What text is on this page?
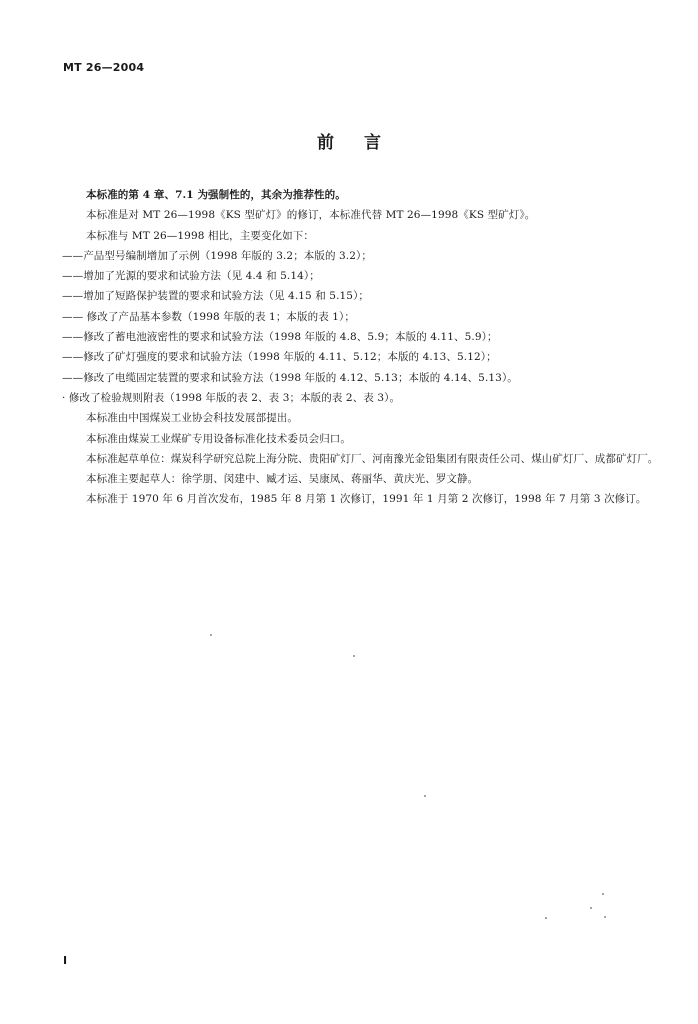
MT 26—2004
前言
本标准的第 4 章、7.1 为强制性的，其余为推荐性的。
本标准是对 MT 26—1998《KS 型矿灯》的修订，本标准代替 MT 26—1998《KS 型矿灯》。
本标准与 MT 26—1998 相比，主要变化如下：
——产品型号编制增加了示例（1998 年版的 3.2；本版的 3.2）；
——增加了光源的要求和试验方法（见 4.4 和 5.14）；
——增加了短路保护装置的要求和试验方法（见 4.15 和 5.15）；
—— 修改了产品基本参数（1998 年版的表 1；本版的表 1）；
——修改了蓄电池液密性的要求和试验方法（1998 年版的 4.8、5.9；本版的 4.11、5.9）；
——修改了矿灯强度的要求和试验方法（1998 年版的 4.11、5.12；本版的 4.13、5.12）；
——修改了电缆固定装置的要求和试验方法（1998 年版的 4.12、5.13；本版的 4.14、5.13）。
· 修改了检验规则附表（1998 年版的表 2、表 3；本版的表 2、表 3）。
本标准由中国煤炭工业协会科技发展部提出。
本标准由煤炭工业煤矿专用设备标准化技术委员会归口。
本标准起草单位：煤炭科学研究总院上海分院、贵阳矿灯厂、河南豫光金铅集团有限责任公司、煤山矿灯厂、成都矿灯厂。
本标准主要起草人：徐学朋、闵建中、臧才运、吴康凤、蒋丽华、黄庆光、罗文静。
本标准于 1970 年 6 月首次发布，1985 年 8 月第 1 次修订，1991 年 1 月第 2 次修订，1998 年 7 月第 3 次修订。
I
